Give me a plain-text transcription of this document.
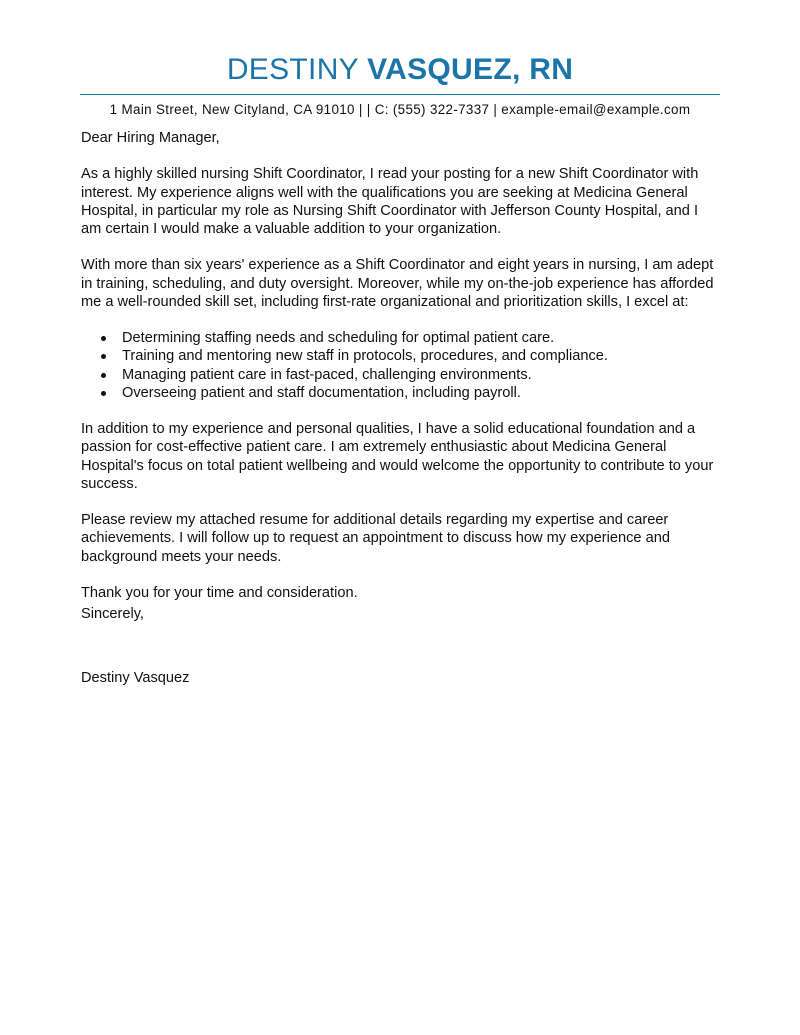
DESTINY VASQUEZ, RN
1 Main Street, New Cityland, CA 91010 | | C: (555) 322-7337 | example-email@example.com

Dear Hiring Manager,

As a highly skilled nursing Shift Coordinator, I read your posting for a new Shift Coordinator with interest. My experience aligns well with the qualifications you are seeking at Medicina General Hospital, in particular my role as Nursing Shift Coordinator with Jefferson County Hospital, and I am certain I would make a valuable addition to your organization.

With more than six years' experience as a Shift Coordinator and eight years in nursing, I am adept in training, scheduling, and duty oversight. Moreover, while my on-the-job experience has afforded me a well-rounded skill set, including first-rate organizational and prioritization skills, I excel at:

Determining staffing needs and scheduling for optimal patient care.
Training and mentoring new staff in protocols, procedures, and compliance.
Managing patient care in fast-paced, challenging environments.
Overseeing patient and staff documentation, including payroll.

In addition to my experience and personal qualities, I have a solid educational foundation and a passion for cost-effective patient care. I am extremely enthusiastic about Medicina General Hospital's focus on total patient wellbeing and would welcome the opportunity to contribute to your success.

Please review my attached resume for additional details regarding my expertise and career achievements. I will follow up to request an appointment to discuss how my experience and background meets your needs.

Thank you for your time and consideration.

Sincerely,

Destiny Vasquez
